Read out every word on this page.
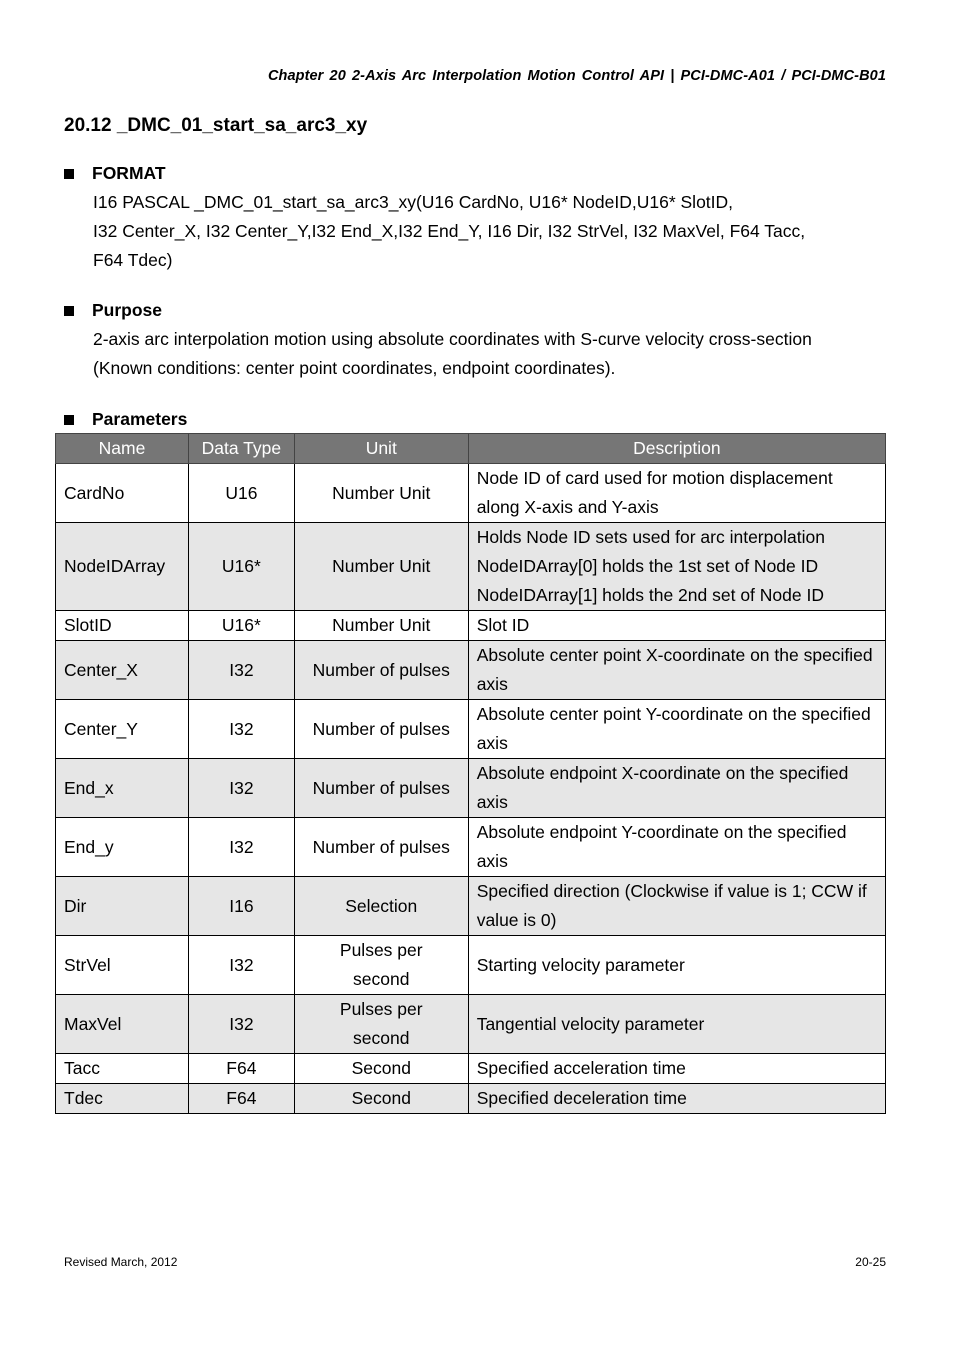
Chapter 20 2-Axis Arc Interpolation Motion Control API | PCI-DMC-A01 / PCI-DMC-B01
20.12 _DMC_01_start_sa_arc3_xy
FORMAT
I16 PASCAL _DMC_01_start_sa_arc3_xy(U16 CardNo, U16* NodeID,U16* SlotID,
I32 Center_X, I32 Center_Y,I32 End_X,I32 End_Y, I16 Dir, I32 StrVel, I32 MaxVel, F64 Tacc,
F64 Tdec)
Purpose
2-axis arc interpolation motion using absolute coordinates with S-curve velocity cross-section
(Known conditions: center point coordinates, endpoint coordinates).
Parameters
Name	Data Type	Unit	Description
CardNo	U16	Number Unit	Node ID of card used for motion displacement along X-axis and Y-axis
NodeIDArray	U16*	Number Unit	Holds Node ID sets used for arc interpolation NodeIDArray[0] holds the 1st set of Node ID NodeIDArray[1] holds the 2nd set of Node ID
SlotID	U16*	Number Unit	Slot ID
Center_X	I32	Number of pulses	Absolute center point X-coordinate on the specified axis
Center_Y	I32	Number of pulses	Absolute center point Y-coordinate on the specified axis
End_x	I32	Number of pulses	Absolute endpoint X-coordinate on the specified axis
End_y	I32	Number of pulses	Absolute endpoint Y-coordinate on the specified axis
Dir	I16	Selection	Specified direction (Clockwise if value is 1; CCW if value is 0)
StrVel	I32	Pulses per second	Starting velocity parameter
MaxVel	I32	Pulses per second	Tangential velocity parameter
Tacc	F64	Second	Specified acceleration time
Tdec	F64	Second	Specified deceleration time
Revised March, 2012	20-25
